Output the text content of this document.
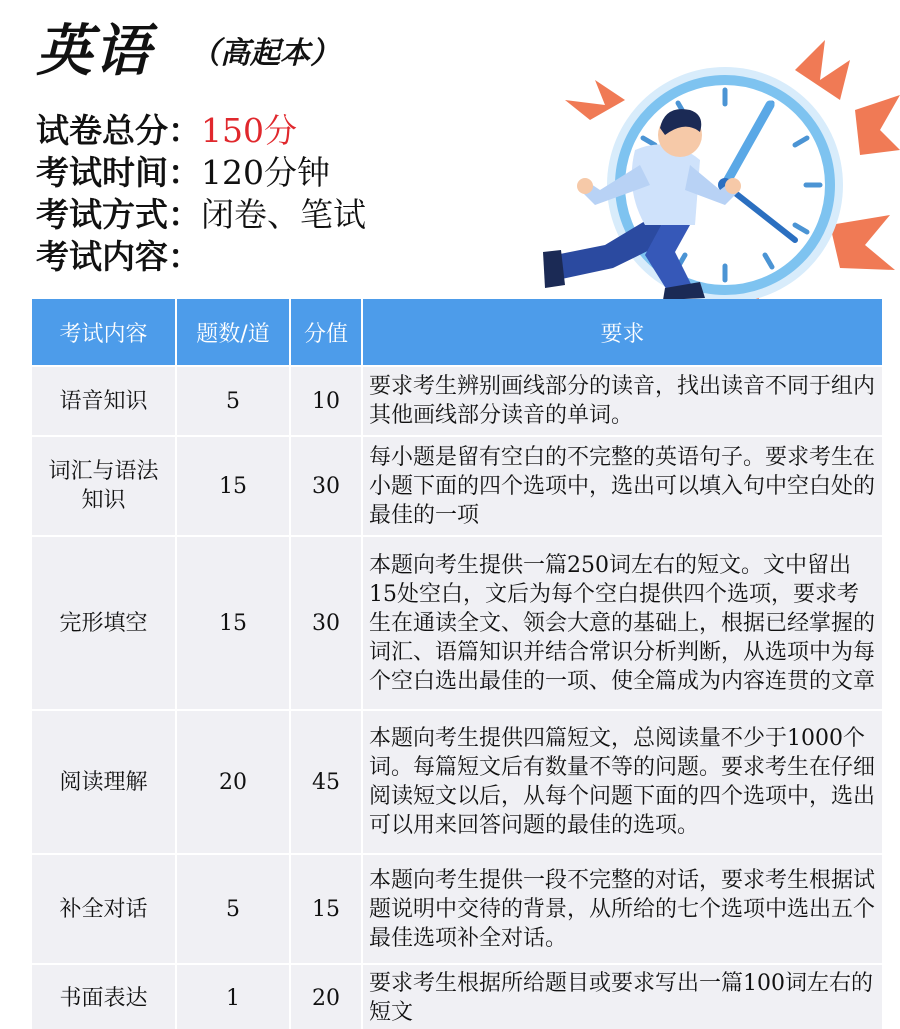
英语 （高起本）
试卷总分：150分
考试时间：120分钟
考试方式：闭卷、笔试
考试内容：
考试内容	题数/道	分值	要求
语音知识	5	10	要求考生辨别画线部分的读音，找出读音不同于组内其他画线部分读音的单词。
词汇与语法知识	15	30	每小题是留有空白的不完整的英语句子。要求考生在小题下面的四个选项中，选出可以填入句中空白处的最佳的一项
完形填空	15	30	本题向考生提供一篇250词左右的短文。文中留出15处空白，文后为每个空白提供四个选项，要求考生在通读全文、领会大意的基础上，根据已经掌握的词汇、语篇知识并结合常识分析判断，从选项中为每个空白选出最佳的一项、使全篇成为内容连贯的文章
阅读理解	20	45	本题向考生提供四篇短文，总阅读量不少于1000个词。每篇短文后有数量不等的问题。要求考生在仔细阅读短文以后，从每个问题下面的四个选项中，选出可以用来回答问题的最佳的选项。
补全对话	5	15	本题向考生提供一段不完整的对话，要求考生根据试题说明中交待的背景，从所给的七个选项中选出五个最佳选项补全对话。
书面表达	1	20	要求考生根据所给题目或要求写出一篇100词左右的短文
